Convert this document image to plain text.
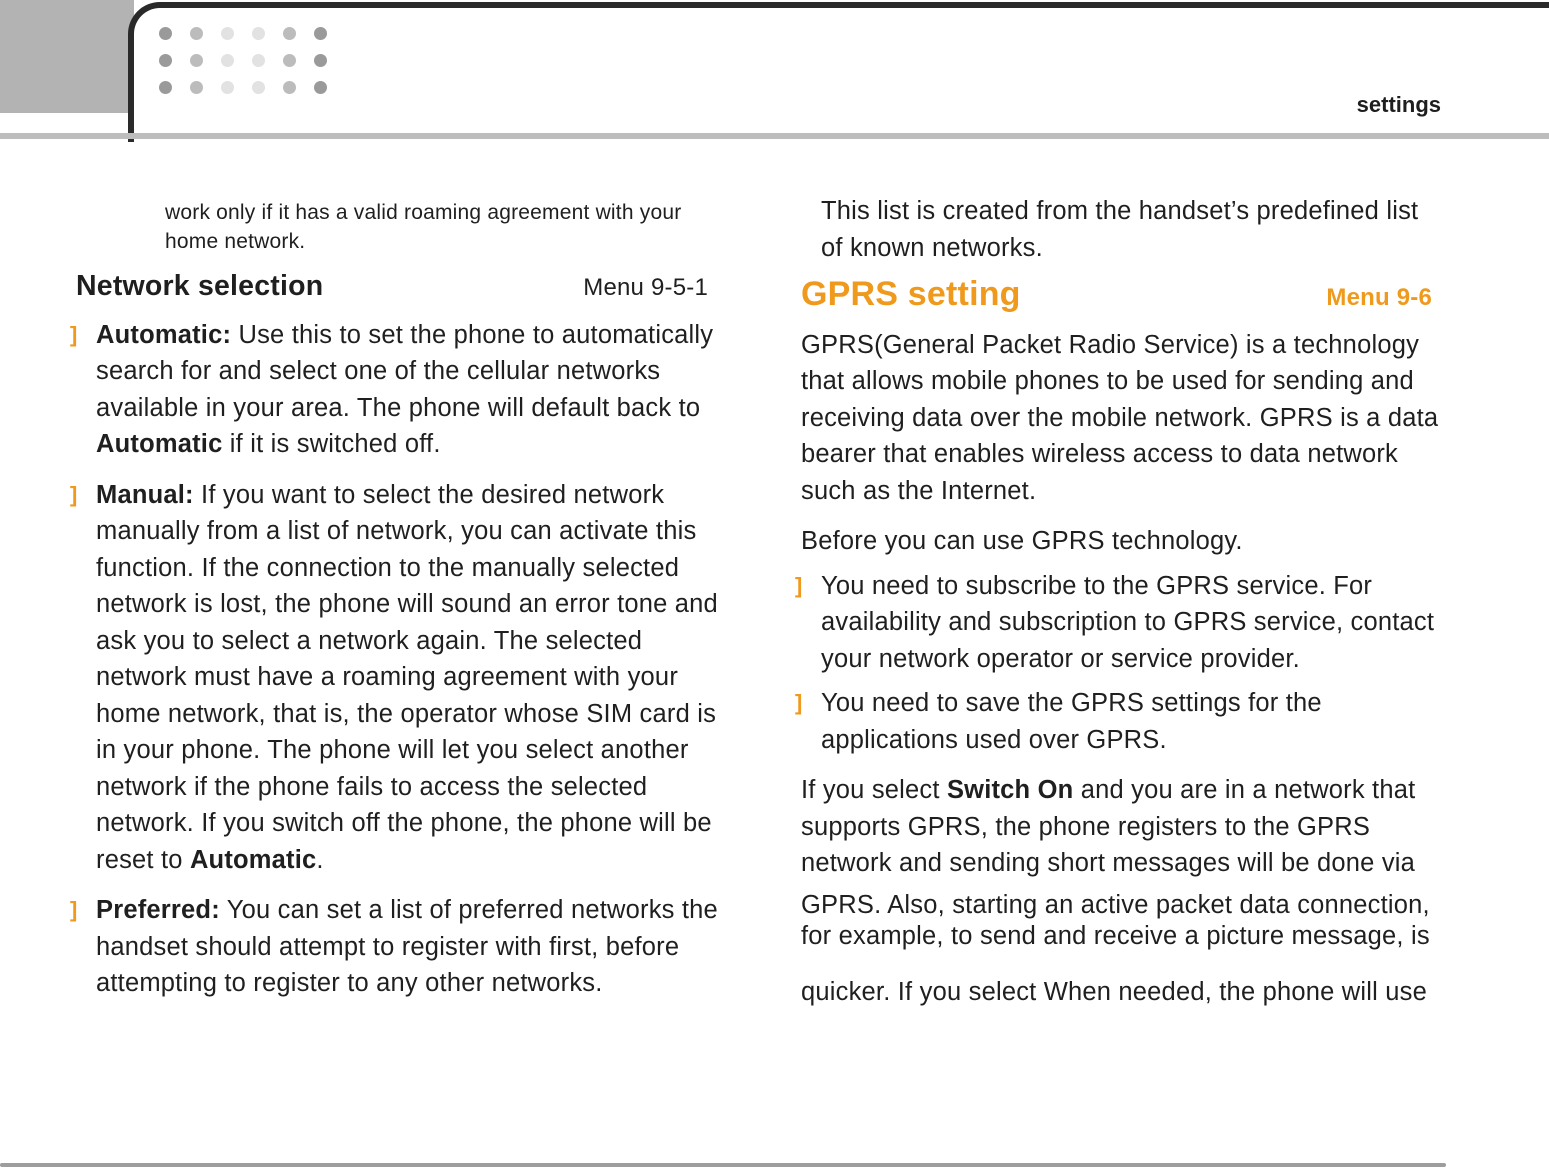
settings

work only if it has a valid roaming agreement with your home network.

Network selection	Menu 9-5-1
] Automatic: Use this to set the phone to automatically search for and select one of the cellular networks available in your area. The phone will default back to Automatic if it is switched off.
] Manual: If you want to select the desired network manually from a list of network, you can activate this function. If the connection to the manually selected network is lost, the phone will sound an error tone and ask you to select a network again. The selected network must have a roaming agreement with your home network, that is, the operator whose SIM card is in your phone. The phone will let you select another network if the phone fails to access the selected network. If you switch off the phone, the phone will be reset to Automatic.
] Preferred: You can set a list of preferred networks the handset should attempt to register with first, before attempting to register to any other networks.

This list is created from the handset’s predefined list of known networks.

GPRS setting	Menu 9-6

GPRS(General Packet Radio Service) is a technology that allows mobile phones to be used for sending and receiving data over the mobile network. GPRS is a data bearer that enables wireless access to data network such as the Internet.

Before you can use GPRS technology.

] You need to subscribe to the GPRS service. For availability and subscription to GPRS service, contact your network operator or service provider.
] You need to save the GPRS settings for the applications used over GPRS.

If you select Switch On and you are in a network that supports GPRS, the phone registers to the GPRS network and sending short messages will be done via

GPRS. Also, starting an active packet data connection, for example, to send and receive a picture message, is

quicker. If you select When needed, the phone will use
